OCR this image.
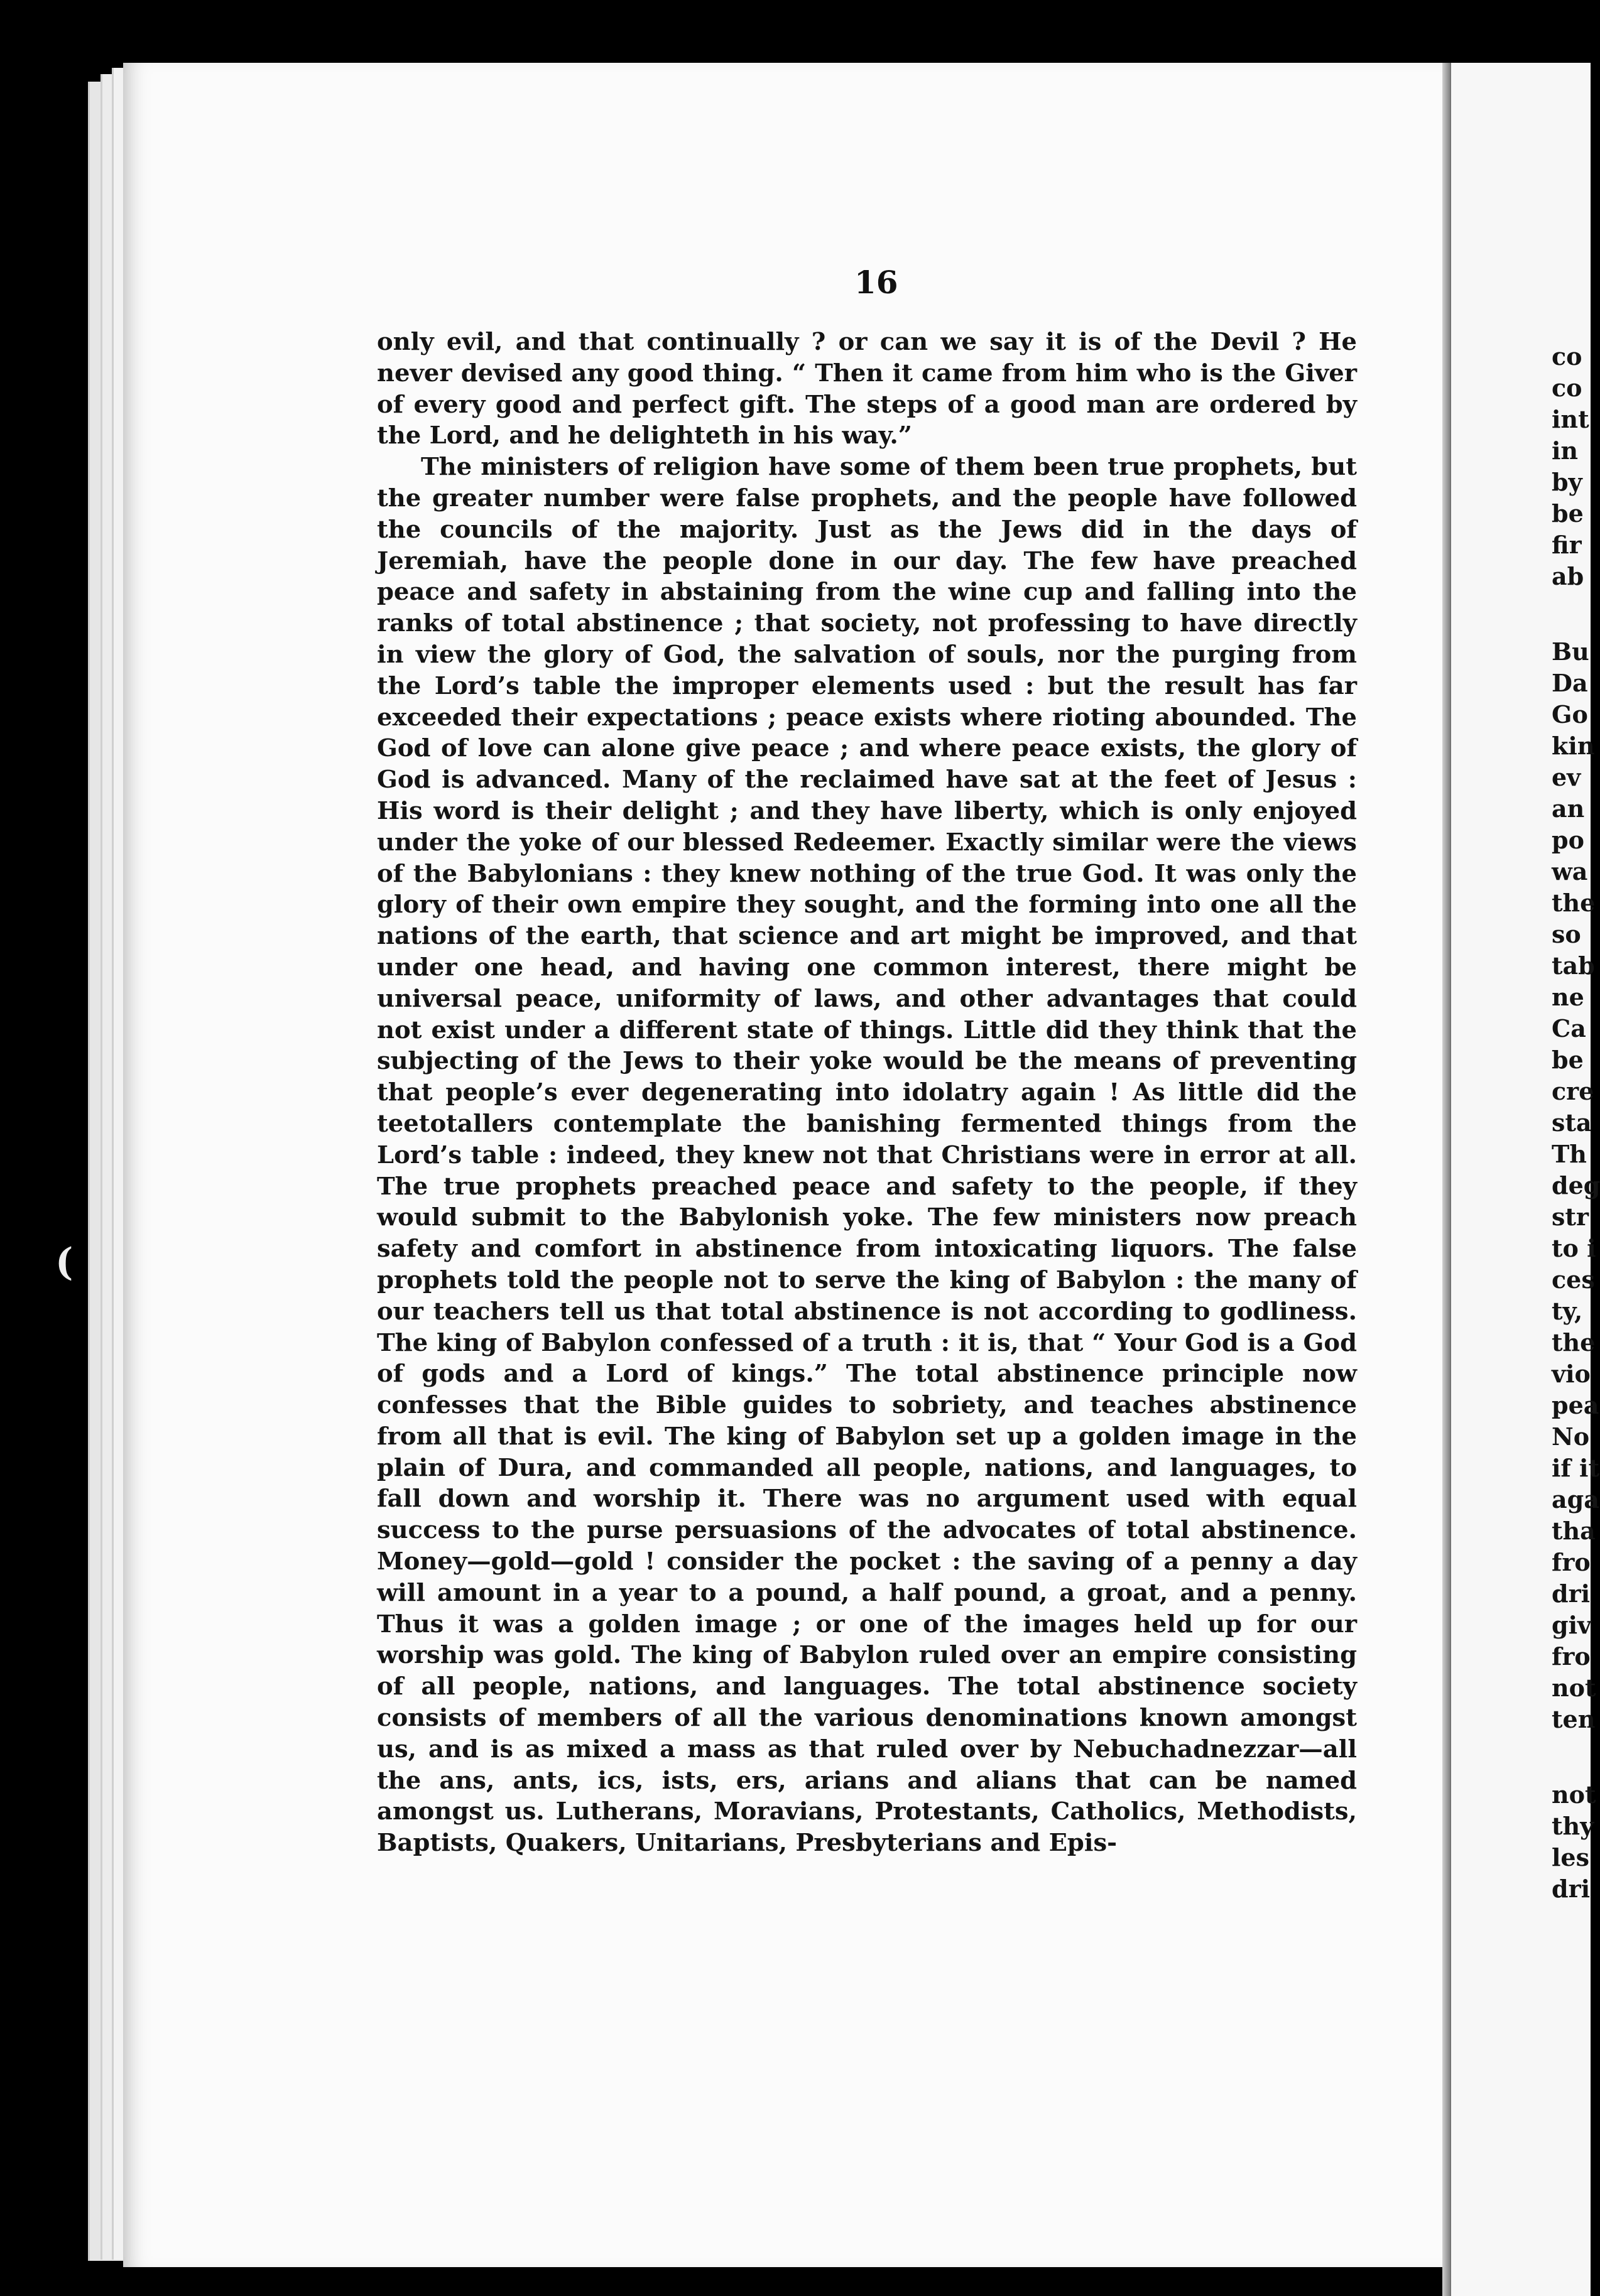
(
16

only evil, and that continually ? or can we say it is of the Devil ? He never devised any good thing. “ Then it came from him who is the Giver of every good and perfect gift. The steps of a good man are ordered by the Lord, and he delighteth in his way.”

The ministers of religion have some of them been true prophets, but the greater number were false prophets, and the people have followed the councils of the majority. Just as the Jews did in the days of Jeremiah, have the people done in our day. The few have preached peace and safety in abstaining from the wine cup and falling into the ranks of total abstinence ; that society, not professing to have directly in view the glory of God, the salvation of souls, nor the purging from the Lord’s table the improper elements used : but the result has far exceeded their expectations ; peace exists where rioting abounded. The God of love can alone give peace ; and where peace exists, the glory of God is advanced. Many of the reclaimed have sat at the feet of Jesus : His word is their delight ; and they have liberty, which is only enjoyed under the yoke of our blessed Redeemer. Exactly similar were the views of the Babylonians : they knew nothing of the true God. It was only the glory of their own empire they sought, and the forming into one all the nations of the earth, that science and art might be improved, and that under one head, and having one common interest, there might be universal peace, uniformity of laws, and other advantages that could not exist under a different state of things. Little did they think that the subjecting of the Jews to their yoke would be the means of preventing that people’s ever degenerating into idolatry again ! As little did the teetotallers contemplate the banishing fermented things from the Lord’s table : indeed, they knew not that Christians were in error at all. The true prophets preached peace and safety to the people, if they would submit to the Babylonish yoke. The few ministers now preach safety and comfort in abstinence from intoxicating liquors. The false prophets told the people not to serve the king of Babylon : the many of our teachers tell us that total abstinence is not according to godliness. The king of Babylon confessed of a truth : it is, that “ Your God is a God of gods and a Lord of kings.” The total abstinence principle now confesses that the Bible guides to sobriety, and teaches abstinence from all that is evil. The king of Babylon set up a golden image in the plain of Dura, and commanded all people, nations, and languages, to fall down and worship it. There was no argument used with equal success to the purse persuasions of the advocates of total abstinence. Money—gold—gold ! consider the pocket : the saving of a penny a day will amount in a year to a pound, a half pound, a groat, and a penny. Thus it was a golden image ; or one of the images held up for our worship was gold. The king of Babylon ruled over an empire consisting of all people, nations, and languages. The total abstinence society consists of members of all the various denominations known amongst us, and is as mixed a mass as that ruled over by Nebuchadnezzar—all the ans, ants, ics, ists, ers, arians and alians that can be named amongst us. Lutherans, Moravians, Protestants, Catholics, Methodists, Baptists, Quakers, Unitarians, Presbyterians and Epis-

co
co
int
in
by
be
fir
ab
Bu
Da
Go
kin
ev
an
po
wa
the
so
tab
ne
Ca
be
cre
sta
Th
deg
str
to i
ces
ty,
the
vio
pea
No
if it
aga
tha
fro
dri
giv
fro
not
ten
not
thy
les
dri
